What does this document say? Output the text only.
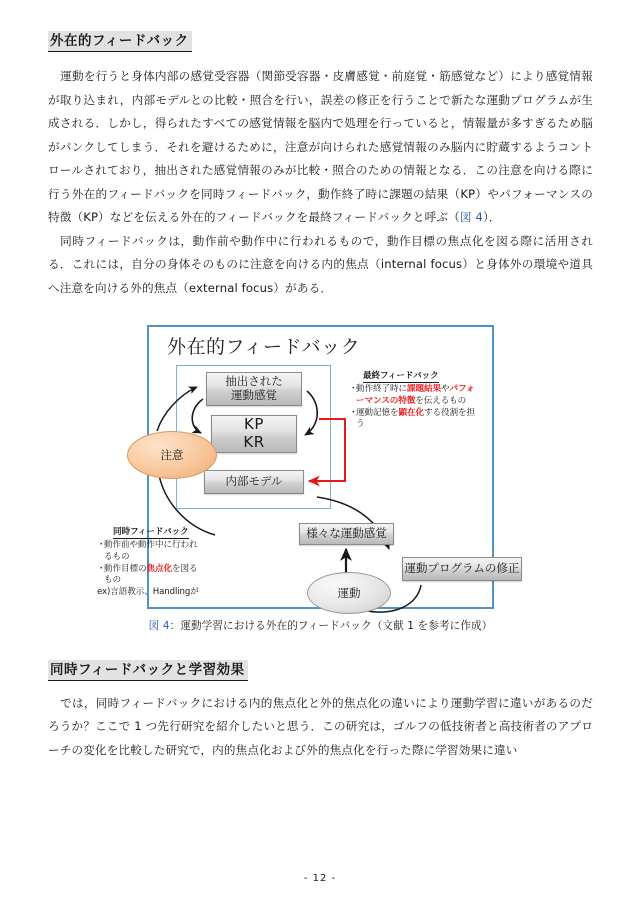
外在的フィードバック

運動を行うと身体内部の感覚受容器（関節受容器・皮膚感覚・前庭覚・筋感覚など）により感覚情報が取り込まれ，内部モデルとの比較・照合を行い，誤差の修正を行うことで新たな運動プログラムが生成される．しかし，得られたすべての感覚情報を脳内で処理を行っていると，情報量が多すぎるため脳がパンクしてしまう．それを避けるために，注意が向けられた感覚情報のみ脳内に貯蔵するようコントロールされており，抽出された感覚情報のみが比較・照合のための情報となる．この注意を向ける際に行う外在的フィードバックを同時フィードバック，動作終了時に課題の結果（KP）やパフォーマンスの特徴（KP）などを伝える外在的フィードバックを最終フィードバックと呼ぶ（図 4）．

同時フィードバックは，動作前や動作中に行われるもので，動作目標の焦点化を図る際に活用される．これには，自分の身体そのものに注意を向ける内的焦点（internal focus）と身体外の環境や道具へ注意を向ける外的焦点（external focus）がある．

外在的フィードバック
抽出された
運動感覚
KP
KR
内部モデル
様々な運動感覚
運動プログラムの修正
注意
運動
最終フィードバック
・
動作終了時に課題結果やパフォーマンスの特徴を伝えるもの
・
運動記憶を顕在化する役割を担う
同時フィードバック
・
動作前や動作中に行われ
るもの
・
動作目標の焦点化を図る
もの
ex)言語教示、Handlingが
図 4：運動学習における外在的フィードバック（文献 1 を参考に作成）
同時フィードバックと学習効果

では，同時フィードバックにおける内的焦点化と外的焦点化の違いにより運動学習に違いがあるのだろうか？ここで 1 つ先行研究を紹介したいと思う．この研究は，ゴルフの低技術者と高技術者のアプローチの変化を比較した研究で，内的焦点化および外的焦点化を行った際に学習効果に違い

- 12 -
